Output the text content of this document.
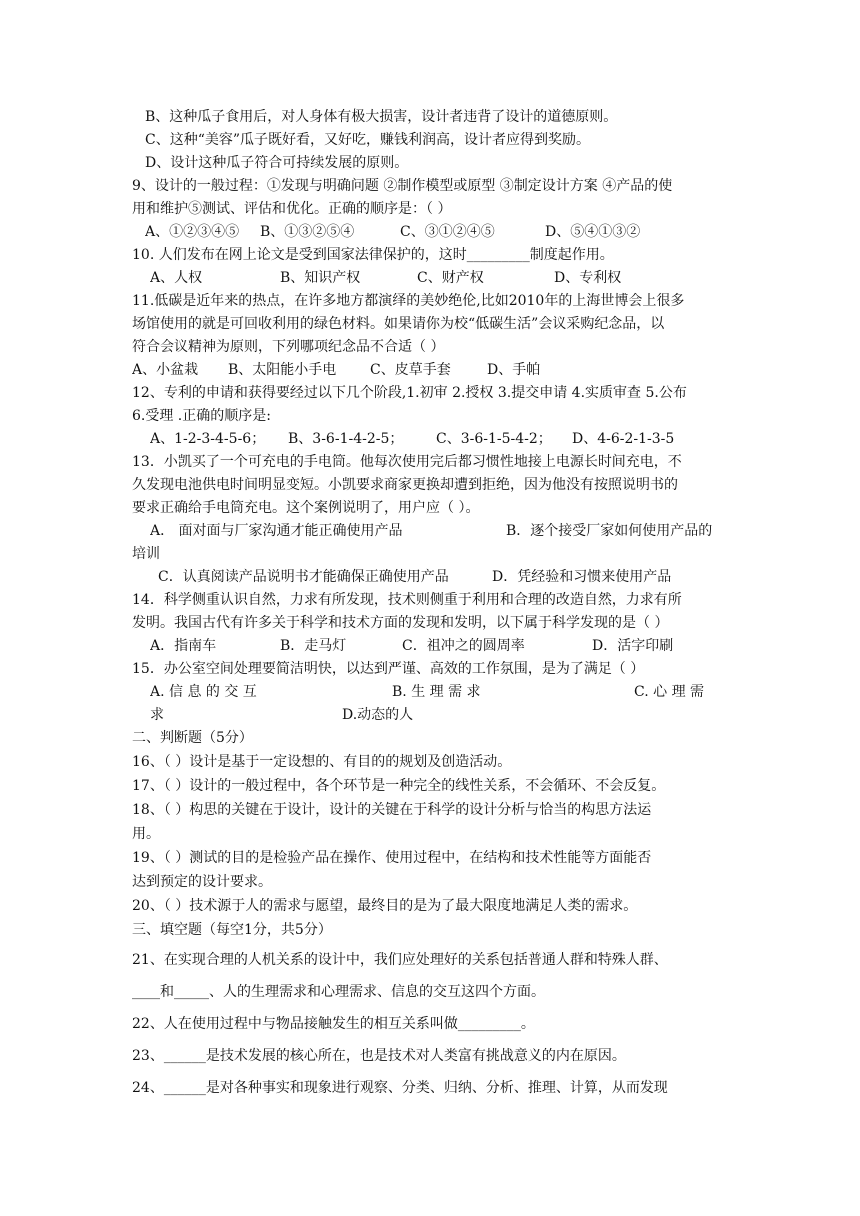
B、这种瓜子食用后，对人身体有极大损害，设计者违背了设计的道德原则。
C、这种“美容”瓜子既好看，又好吃，赚钱利润高，设计者应得到奖励。
D、设计这种瓜子符合可持续发展的原则。
9、设计的一般过程：①发现与明确问题 ②制作模型或原型 ③制定设计方案 ④产品的使
用和维护⑤测试、评估和优化。正确的顺序是：（ ）
A、①②③④⑤	B、①③②⑤④	C、③①②④⑤	D、⑤④①③②
10. 人们发布在网上论文是受到国家法律保护的，这时_________制度起作用。
A、人权	B、知识产权	C、财产权	D、专利权
11.低碳是近年来的热点，在许多地方都演绎的美妙绝伦,比如2010年的上海世博会上很多
场馆使用的就是可回收利用的绿色材料。如果请你为校“低碳生活”会议采购纪念品，以
符合会议精神为原则，下列哪项纪念品不合适（ ）
A、小盆栽	B、太阳能小手电	C、皮草手套	D、手帕
12、专利的申请和获得要经过以下几个阶段,1.初审 2.授权 3.提交申请 4.实质审查 5.公布
6.受理 .正确的顺序是:
A、1-2-3-4-5-6；	B、3-6-1-4-2-5；	C、3-6-1-5-4-2；	D、4-6-2-1-3-5
13．小凯买了一个可充电的手电筒。他每次使用完后都习惯性地接上电源长时间充电，不
久发现电池供电时间明显变短。小凯要求商家更换却遭到拒绝，因为他没有按照说明书的
要求正确给手电筒充电。这个案例说明了，用户应（ ）。
A． 面对面与厂家沟通才能正确使用产品	B．逐个接受厂家如何使用产品的
培训
C．认真阅读产品说明书才能确保正确使用产品	D．凭经验和习惯来使用产品
14．科学侧重认识自然，力求有所发现，技术则侧重于利用和合理的改造自然，力求有所
发明。我国古代有许多关于科学和技术方面的发现和发明，以下属于科学发现的是（ ）
A．指南车	B．走马灯	C．祖冲之的圆周率	D．活字印刷
15．办公室空间处理要简洁明快，以达到严谨、高效的工作氛围，是为了满足（ ）
A. 信 息 的 交 互	B. 生 理 需 求	C. 心 理 需
求	D.动态的人
二、判断题（5分）
16、（ ）设计是基于一定设想的、有目的的规划及创造活动。
17、（ ）设计的一般过程中，各个环节是一种完全的线性关系，不会循环、不会反复。
18、（ ）构思的关键在于设计，设计的关键在于科学的设计分析与恰当的构思方法运
用。
19、（ ）测试的目的是检验产品在操作、使用过程中，在结构和技术性能等方面能否
达到预定的设计要求。
20、（ ）技术源于人的需求与愿望，最终目的是为了最大限度地满足人类的需求。
三、填空题（每空1分，共5分）
21、在实现合理的人机关系的设计中，我们应处理好的关系包括普通人群和特殊人群、
____和_____、人的生理需求和心理需求、信息的交互这四个方面。
22、人在使用过程中与物品接触发生的相互关系叫做_________。
23、______是技术发展的核心所在，也是技术对人类富有挑战意义的内在原因。
24、______是对各种事实和现象进行观察、分类、归纳、分析、推理、计算，从而发现
